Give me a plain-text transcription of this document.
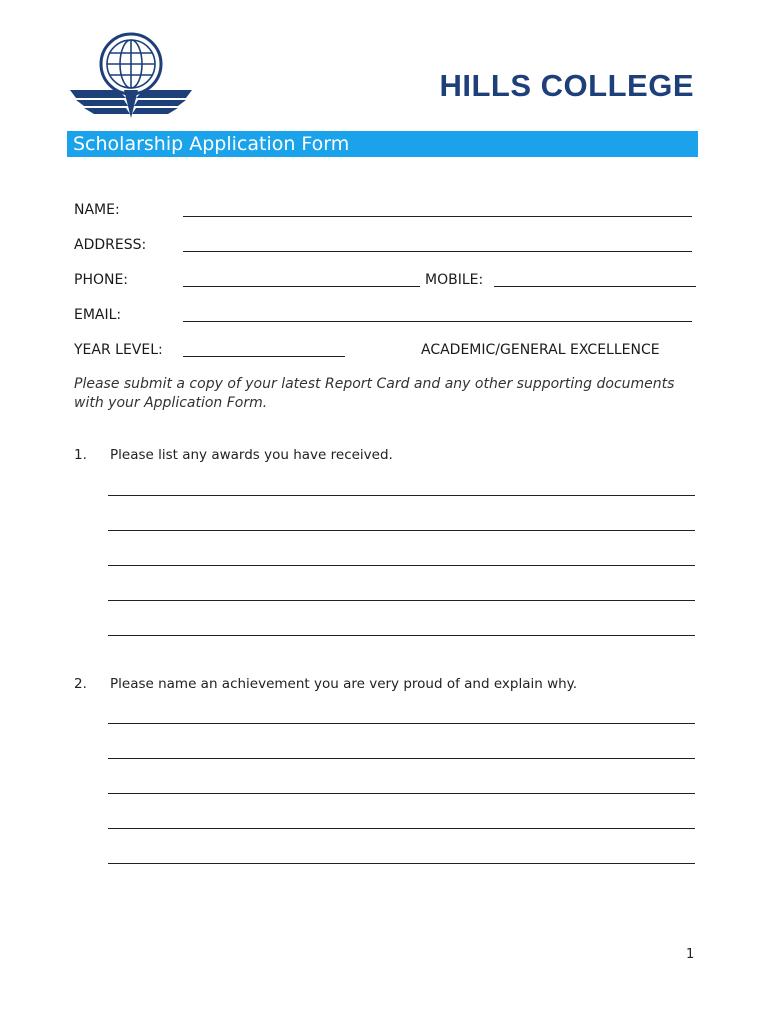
HILLS COLLEGE
Scholarship Application Form
NAME:
ADDRESS:
PHONE:	MOBILE:
EMAIL:
YEAR LEVEL:	ACADEMIC/GENERAL EXCELLENCE
Please submit a copy of your latest Report Card and any other supporting documents with your Application Form.
1. Please list any awards you have received.
2. Please name an achievement you are very proud of and explain why.
1
